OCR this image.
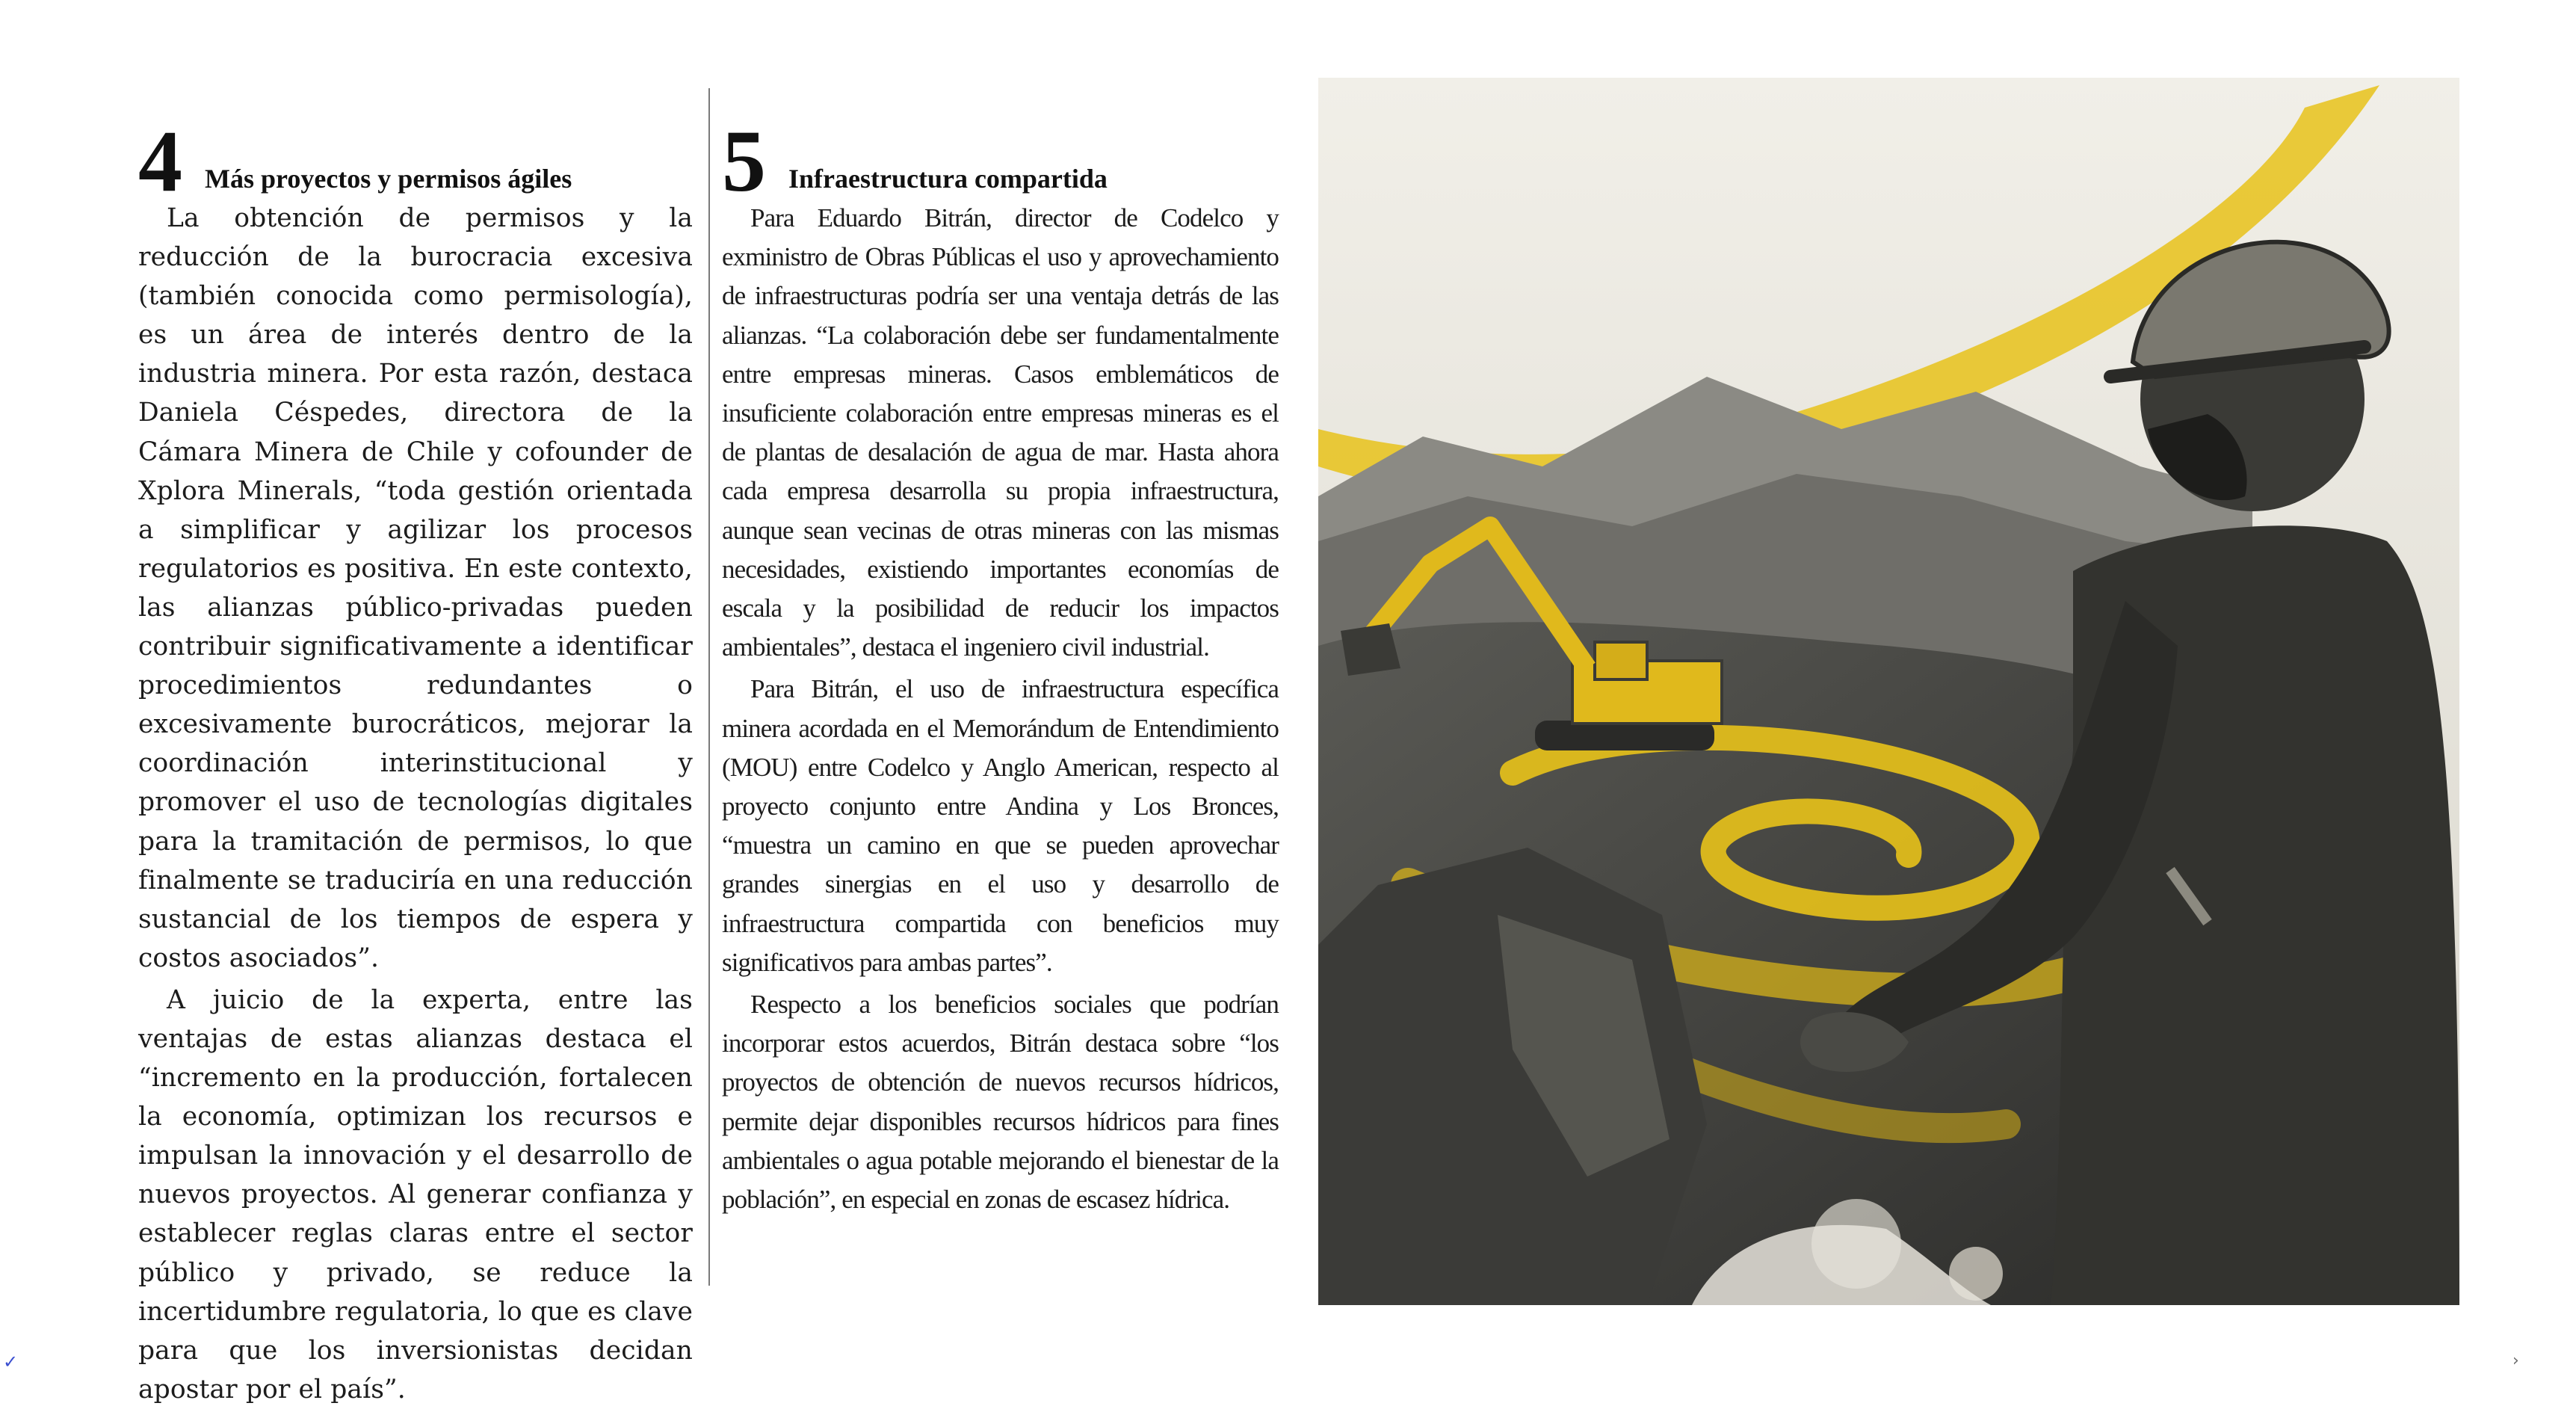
4 Más proyectos y permisos ágiles

La obtención de permisos y la reducción de la burocracia excesiva (también conocida como permisología), es un área de interés dentro de la industria minera. Por esta razón, destaca Daniela Céspedes, directora de la Cámara Minera de Chile y cofounder de Xplora Minerals, “toda gestión orientada a simplificar y agilizar los procesos regulatorios es positiva. En este contexto, las alianzas público-privadas pueden contribuir significativamente a identificar procedimientos redundantes o excesivamente burocráticos, mejorar la coordinación interinstitucional y promover el uso de tecnologías digitales para la tramitación de permisos, lo que finalmente se traduciría en una reducción sustancial de los tiempos de espera y costos asociados”.

A juicio de la experta, entre las ventajas de estas alianzas destaca el “incremento en la producción, fortalecen la economía, optimizan los recursos e impulsan la innovación y el desarrollo de nuevos proyectos. Al generar confianza y establecer reglas claras entre el sector público y privado, se reduce la incertidumbre regulatoria, lo que es clave para que los inversionistas decidan apostar por el país”.

5 Infraestructura compartida

Para Eduardo Bitrán, director de Codelco y exministro de Obras Públicas el uso y aprovechamiento de infraestructuras podría ser una ventaja detrás de las alianzas. “La colaboración debe ser fundamentalmente entre empresas mineras. Casos emblemáticos de insuficiente colaboración entre empresas mineras es el de plantas de desalación de agua de mar. Hasta ahora cada empresa desarrolla su propia infraestructura, aunque sean vecinas de otras mineras con las mismas necesidades, existiendo importantes economías de escala y la posibilidad de reducir los impactos ambientales”, destaca el ingeniero civil industrial.

Para Bitrán, el uso de infraestructura específica minera acordada en el Memorándum de Entendimiento (MOU) entre Codelco y Anglo American, respecto al proyecto conjunto entre Andina y Los Bronces, “muestra un camino en que se pueden aprovechar grandes sinergias en el uso y desarrollo de infraestructura compartida con beneficios muy significativos para ambas partes”.

Respecto a los beneficios sociales que podrían incorporar estos acuerdos, Bitrán destaca sobre “los proyectos de obtención de nuevos recursos hídricos, permite dejar disponibles recursos hídricos para fines ambientales o agua potable mejorando el bienestar de la población”, en especial en zonas de escasez hídrica.

✓	›
